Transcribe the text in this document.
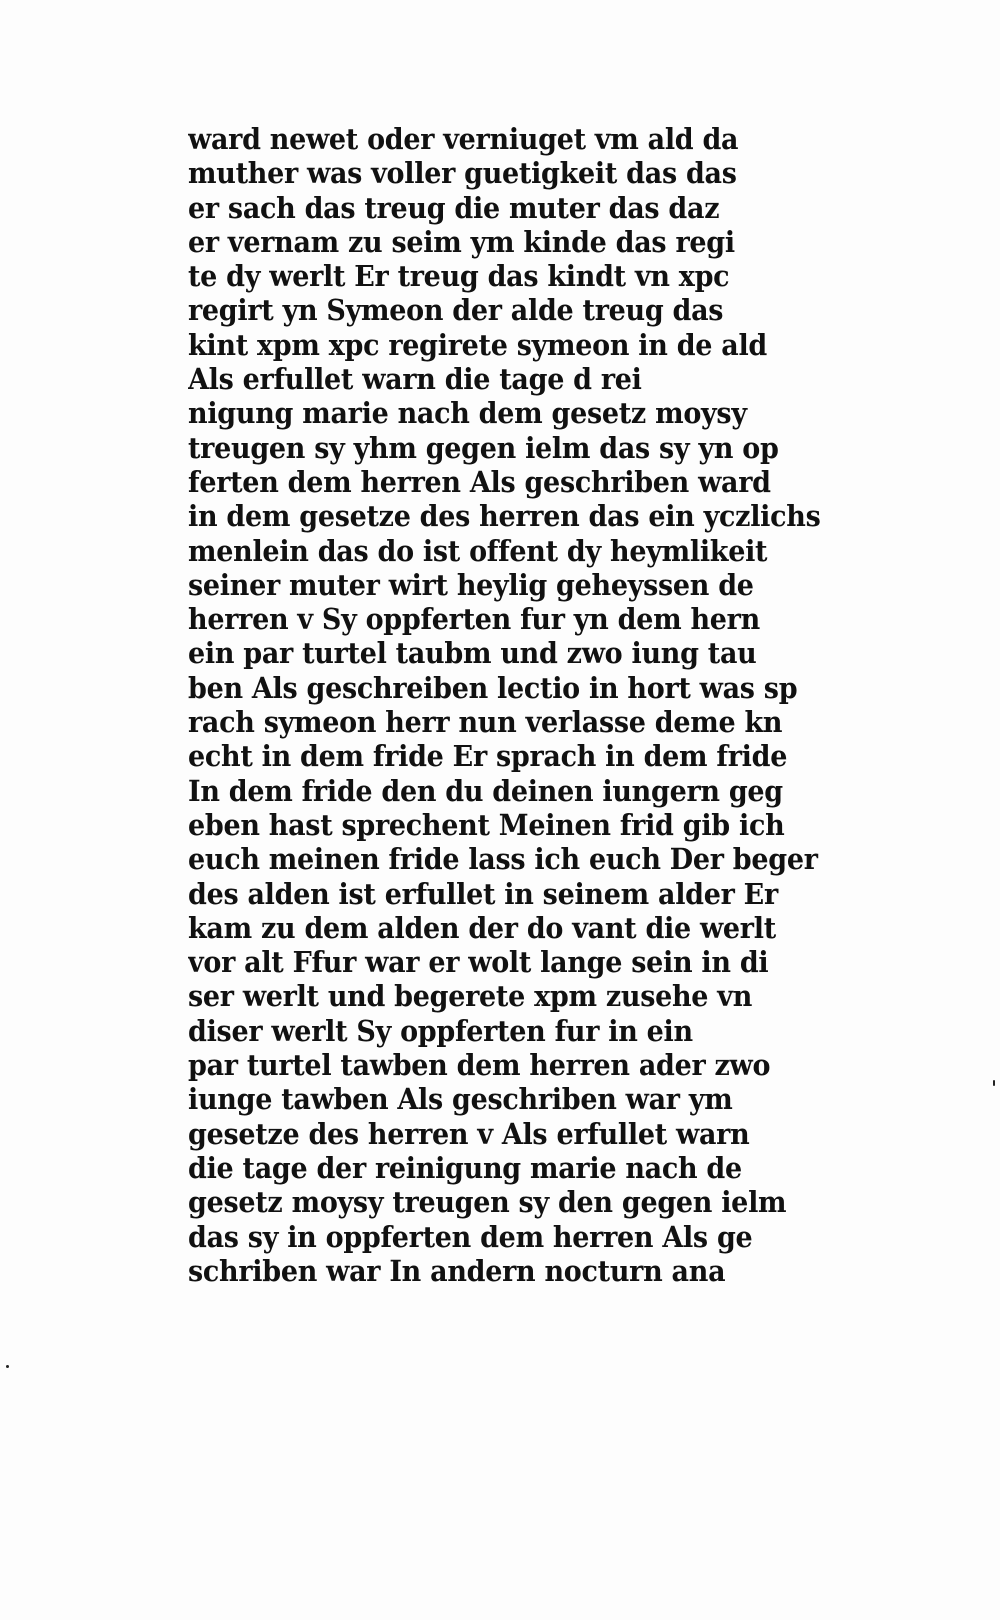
ward newet oder verniuget vm ald da
muther was voller guetigkeit das das
er sach das treug die muter das daz
er vernam zu seim ym kinde das regi
te dy werlt Er treug das kindt vn xpc
regirt yn Symeon der alde treug das
kint xpm xpc regirete symeon in de ald
Als erfullet warn die tage d rei
nigung marie nach dem gesetz moysy
treugen sy yhm gegen ielm das sy yn op
ferten dem herren Als geschriben ward
in dem gesetze des herren das ein yczlichs
menlein das do ist offent dy heymlikeit
seiner muter wirt heylig geheyssen de
herren v Sy oppferten fur yn dem hern
ein par turtel taubm und zwo iung tau
ben Als geschreiben lectio in hort was sp
rach symeon herr nun verlasse deme kn
echt in dem fride Er sprach in dem fride
In dem fride den du deinen iungern geg
eben hast sprechent Meinen frid gib ich
euch meinen fride lass ich euch Der beger
des alden ist erfullet in seinem alder Er
kam zu dem alden der do vant die werlt
vor alt Ffur war er wolt lange sein in di
ser werlt und begerete xpm zusehe vn
diser werlt Sy oppferten fur in ein
par turtel tawben dem herren ader zwo
iunge tawben Als geschriben war ym
gesetze des herren v Als erfullet warn
die tage der reinigung marie nach de
gesetz moysy treugen sy den gegen ielm
das sy in oppferten dem herren Als ge
schriben war In andern nocturn ana
